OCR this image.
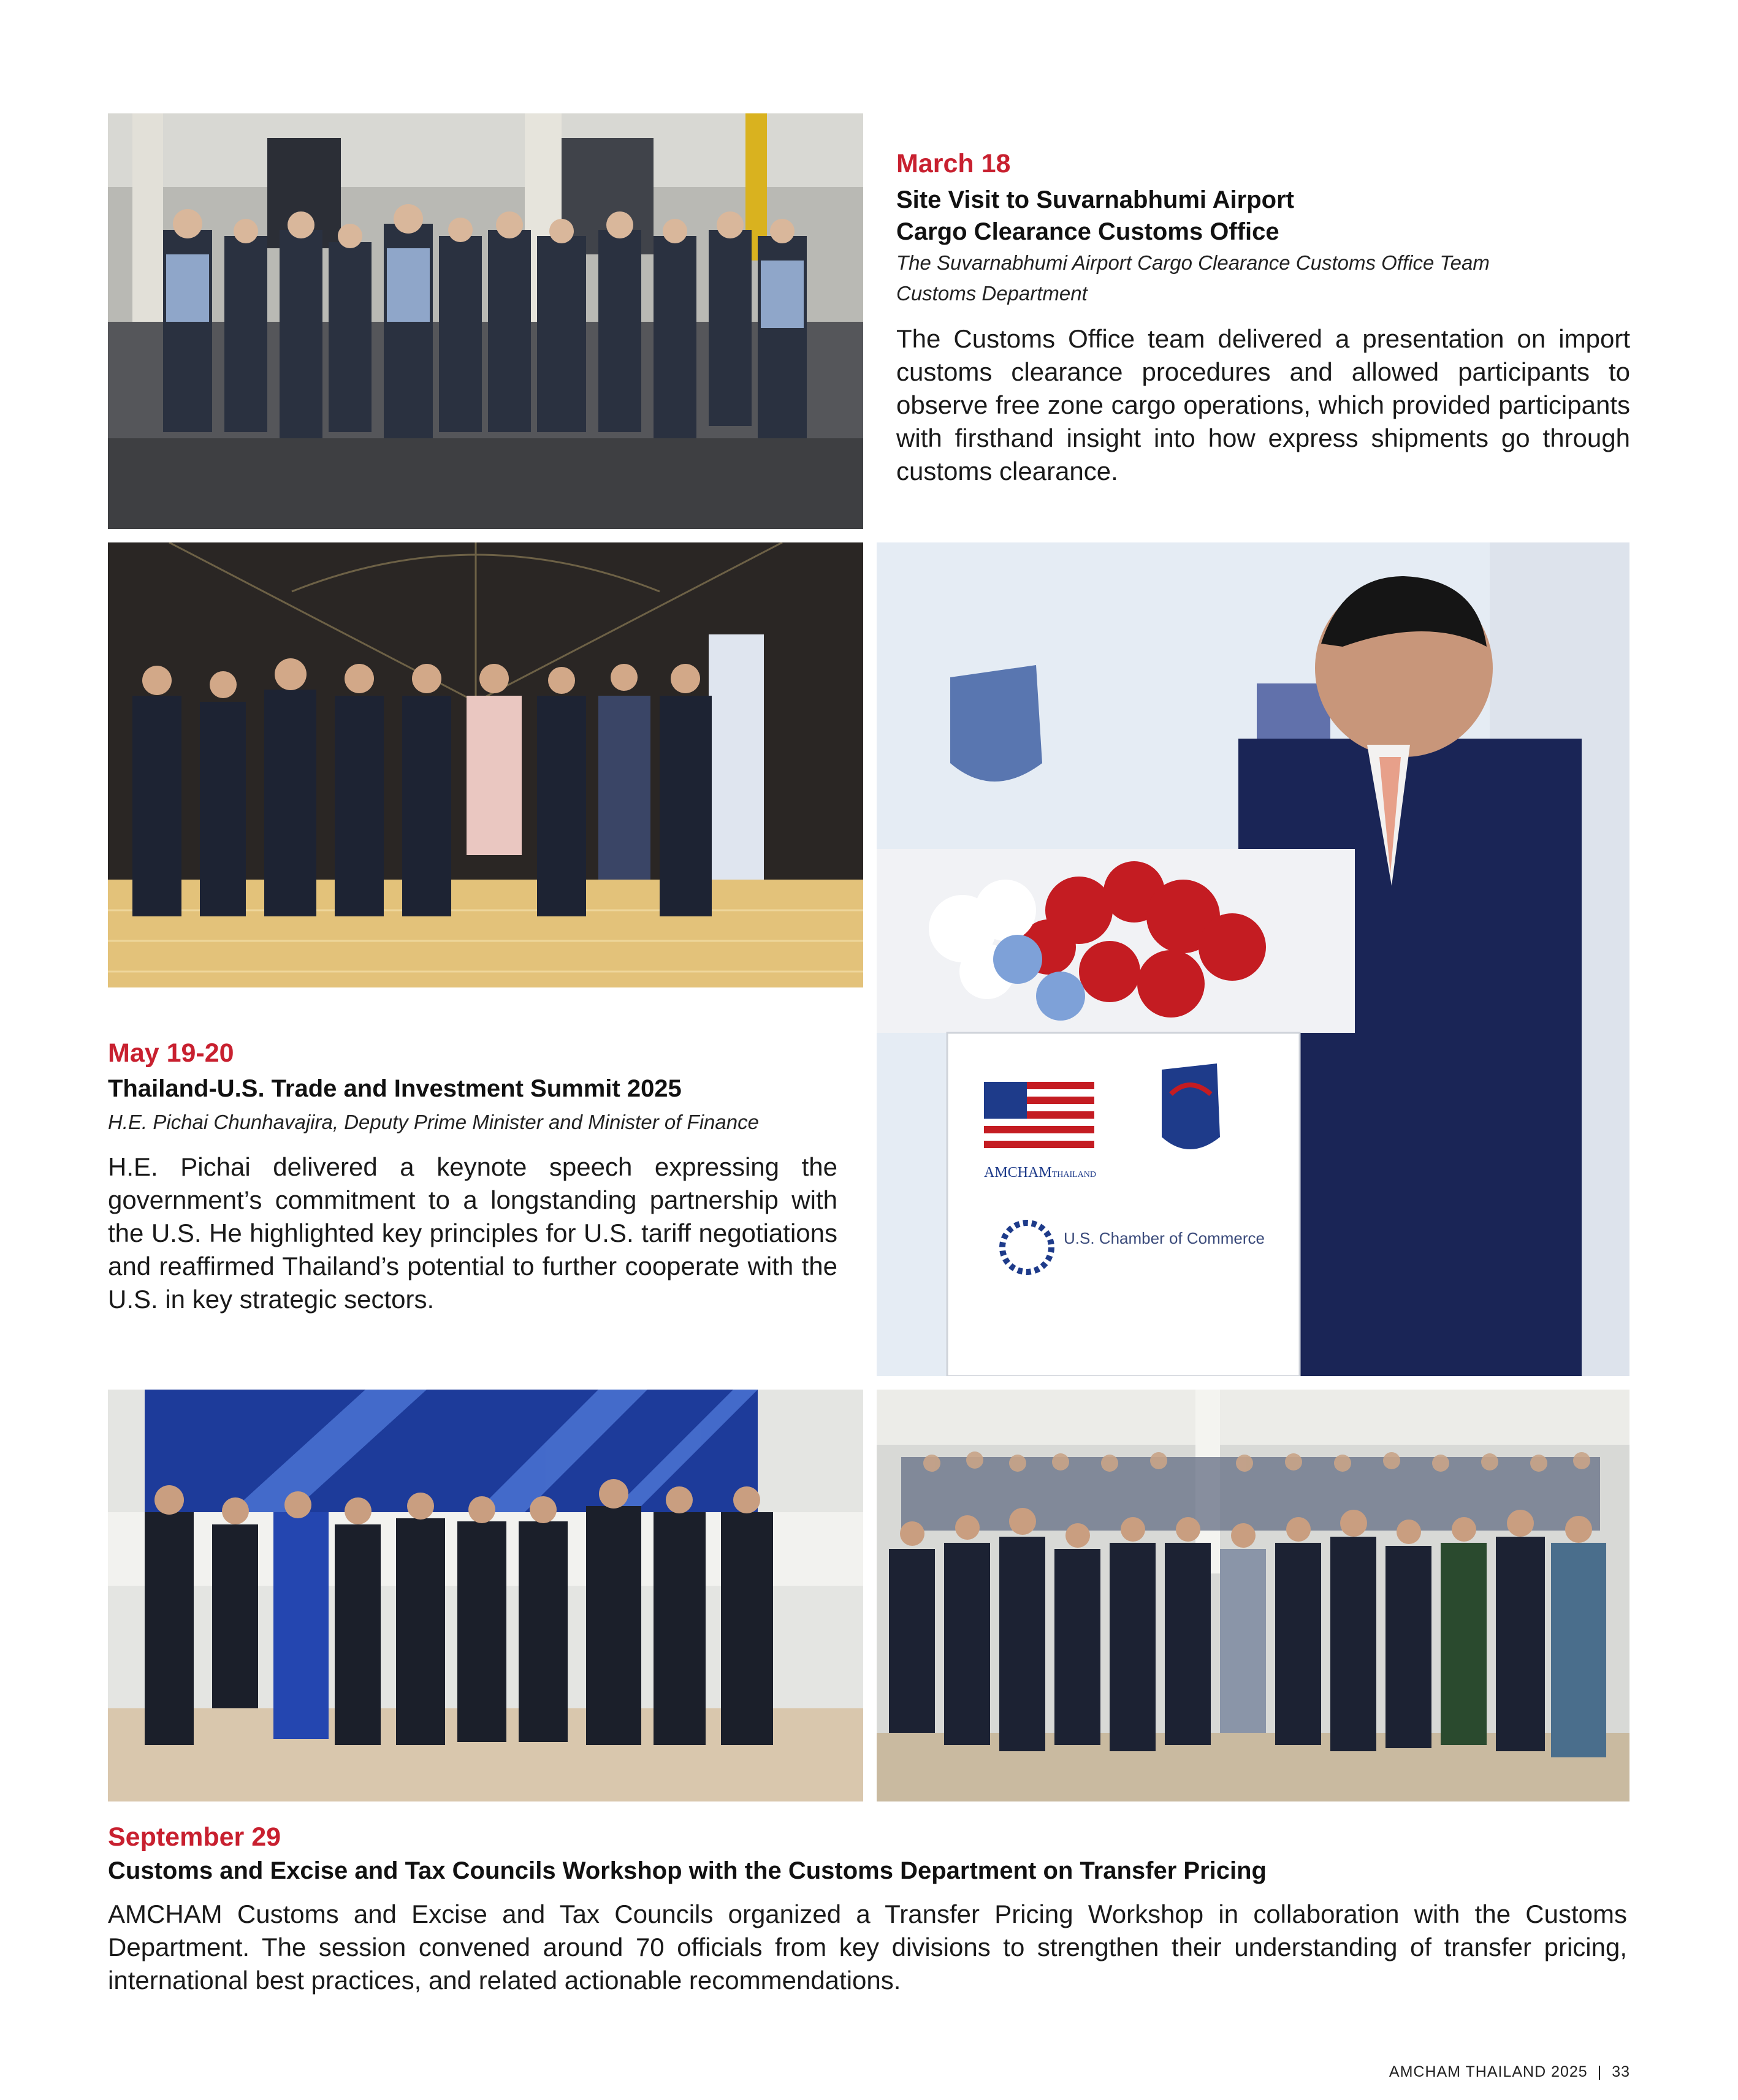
March 18
Site Visit to Suvarnabhumi Airport
Cargo Clearance Customs Office
The Suvarnabhumi Airport Cargo Clearance Customs Office Team
Customs Department
The Customs Office team delivered a presentation on import customs clearance procedures and allowed participants to observe free zone cargo operations, which provided participants with firsthand insight into how express shipments go through customs clearance.
AMCHAMTHAILAND
U.S. Chamber of Commerce
May 19-20
Thailand-U.S. Trade and Investment Summit 2025
H.E. Pichai Chunhavajira, Deputy Prime Minister and Minister of Finance
H.E. Pichai delivered a keynote speech expressing the government’s commitment to a longstanding partnership with the U.S. He highlighted key principles for U.S. tariff negotiations and reaffirmed Thailand’s potential to further cooperate with the U.S. in key strategic sectors.
September 29
Customs and Excise and Tax Councils Workshop with the Customs Department on Transfer Pricing
AMCHAM Customs and Excise and Tax Councils organized a Transfer Pricing Workshop in collaboration with the Customs Department. The session convened around 70 officials from key divisions to strengthen their understanding of transfer pricing, international best practices, and related actionable recommendations.
AMCHAM THAILAND 2025 | 33
